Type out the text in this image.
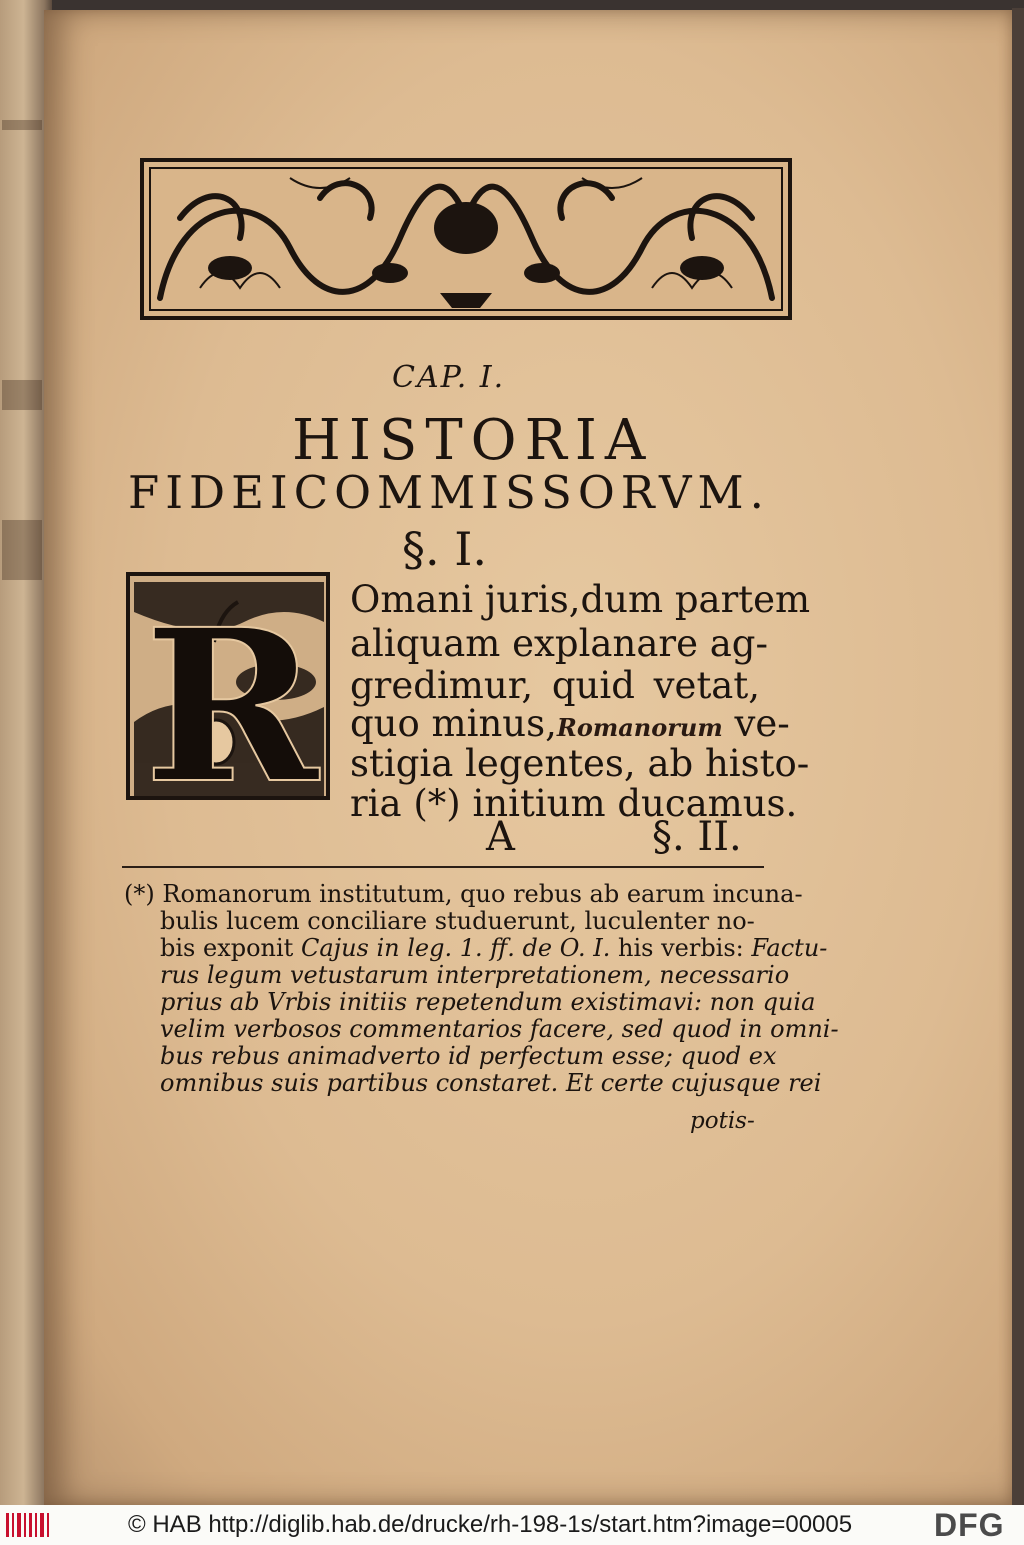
CAP. I.
HISTORIA
FIDEICOMMISSORVM.
§. I.
R Omani juris,dum partem
aliquam explanare ag-
gredimur, quid vetat,
quo minus,Romanorum ve-
stigia legentes, ab histo-
ria (*) initium ducamus.
A	§. II.
(*) Romanorum institutum, quo rebus ab earum incuna-
bulis lucem conciliare studuerunt, luculenter no-
bis exponit Cajus in leg. 1. ff. de O. I. his verbis: Factu-
rus legum vetustarum interpretationem, necessario
prius ab Vrbis initiis repetendum existimavi: non quia
velim verbosos commentarios facere, sed quod in omni-
bus rebus animadverto id perfectum esse; quod ex
omnibus suis partibus constaret. Et certe cujusque rei
potis-
© HAB http://diglib.hab.de/drucke/rh-198-1s/start.htm?image=00005	DFG
